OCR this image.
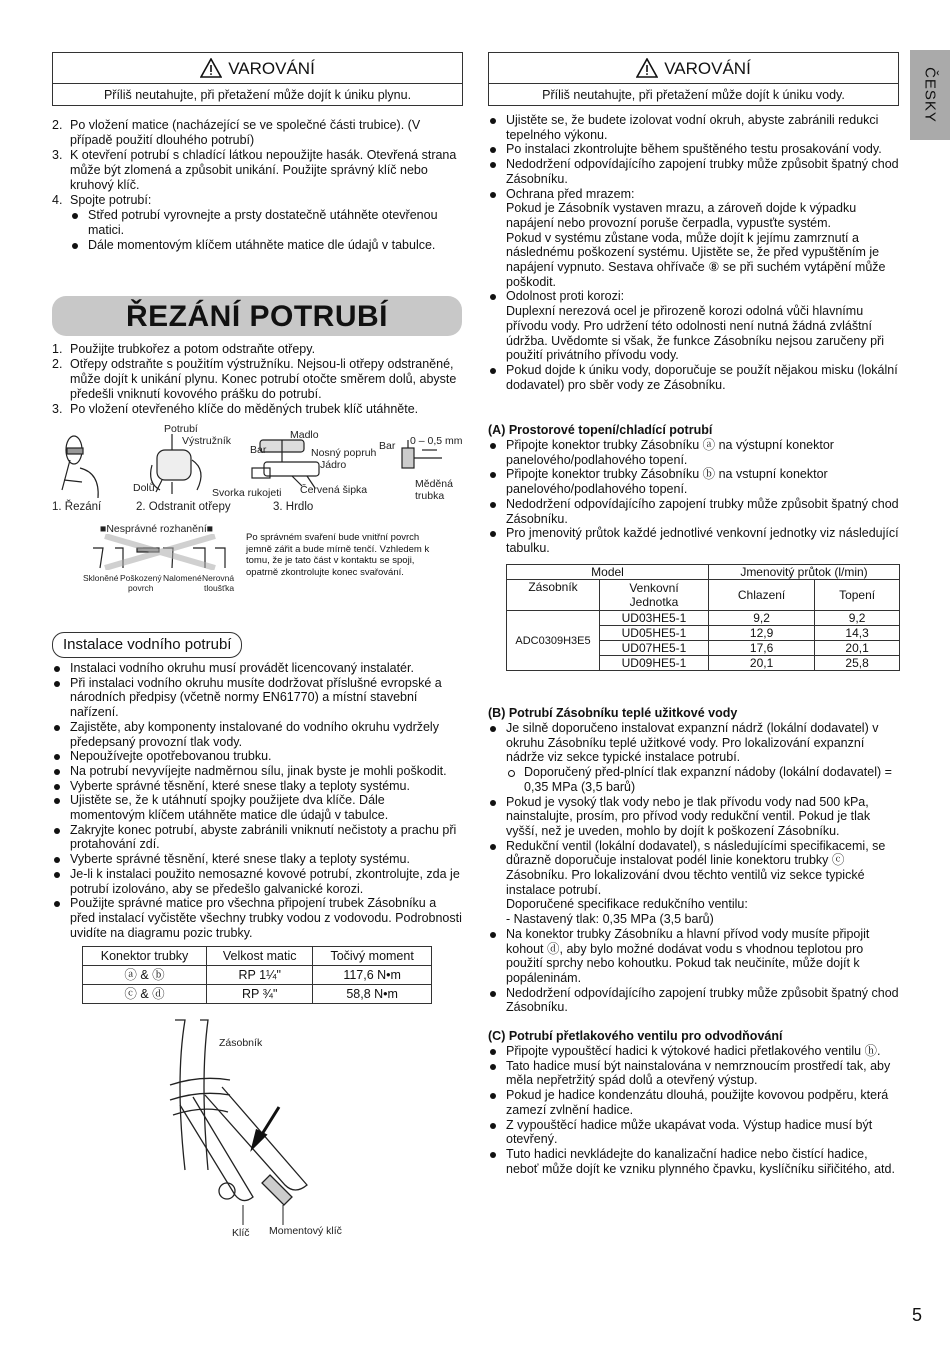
ČESKY
VAROVÁNÍ
Příliš neutahujte, při přetažení může dojít k úniku plynu.
2. Po vložení matice (nacházející se ve společné části trubice). (V případě použití dlouhého potrubí)
3. K otevření potrubí s chladící látkou nepoužijte hasák. Otevřená strana může být zlomená a způsobit unikání. Použijte správný klíč nebo kruhový klíč.
4. Spojte potrubí:
Střed potrubí vyrovnejte a prsty dostatečně utáhněte otevřenou matici.
Dále momentovým klíčem utáhněte matice dle údajů v tabulce.
ŘEZÁNÍ POTRUBÍ
1. Použijte trubkořez a potom odstraňte otřepy.
2. Otřepy odstraňte s použitím výstružníku. Nejsou-li otřepy odstraněné, může dojít k unikání plynu. Konec potrubí otočte směrem dolů, abyste předešli vniknutí kovového prášku do potrubí.
3. Po vložení otevřeného klíče do měděných trubek klíč utáhněte.
Potrubí
Výstružník	Madlo
Bar	Nosný popruh
Jádro
Bar 0 – 0,5 mm
Dolů	Svorka rukojeti Červená šipka	Měděná
trubka
1. Řezání	2. Odstranit otřepy	3. Hrdlo
■Nesprávné rozhanění■
Skloněné Poškozený
povrch
Nalomené Nerovná
tloušťka
Po správném svaření bude vnitřní povrch jemně zářit a bude mírně tenčí. Vzhledem k tomu, že je tato část v kontaktu se spoji, opatrně zkontrolujte konec svařování.
Instalace vodního potrubí
Instalaci vodního okruhu musí provádět licencovaný instalatér.
Při instalaci vodního okruhu musíte dodržovat příslušné evropské a národních předpisy (včetně normy EN61770) a místní stavební nařízení.
Zajistěte, aby komponenty instalované do vodního okruhu vydržely předepsaný provozní tlak vody.
Nepoužívejte opotřebovanou trubku.
Na potrubí nevyvíjejte nadměrnou sílu, jinak byste je mohli poškodit.
Vyberte správné těsnění, které snese tlaky a teploty systému.
Ujistěte se, že k utáhnutí spojky použijete dva klíče. Dále momentovým klíčem utáhněte matice dle údajů v tabulce.
Zakryjte konec potrubí, abyste zabránili vniknutí nečistoty a prachu při protahování zdí.
Vyberte správné těsnění, které snese tlaky a teploty systému.
Je-li k instalaci použito nemosazné kovové potrubí, zkontrolujte, zda je potrubí izolováno, aby se předešlo galvanické korozi.
Použijte správné matice pro všechna připojení trubek Zásobníku a před instalací vyčistěte všechny trubky vodou z vodovodu. Podrobnosti uvidíte na diagramu pozic trubky.
Konektor trubky	Velkost matic	Točivý moment
ⓐ & ⓑ	RP 1¼"	117,6 N•m
ⓒ & ⓓ	RP ¾"	58,8 N•m
Zásobník
Klíč Momentový klíč
VAROVÁNÍ
Příliš neutahujte, při přetažení může dojít k úniku vody.
Ujistěte se, že budete izolovat vodní okruh, abyste zabránili redukci tepelného výkonu.
Po instalaci zkontrolujte během spuštěného testu prosakování vody.
Nedodržení odpovídajícího zapojení trubky může způsobit špatný chod Zásobníku.
Ochrana před mrazem:
Pokud je Zásobník vystaven mrazu, a zároveň dojde k výpadku napájení nebo provozní poruše čerpadla, vypusťte systém.
Pokud v systému zůstane voda, může dojít k jejímu zamrznutí a následnému poškození systému. Ujistěte se, že před vypuštěním je napájení vypnuto. Sestava ohřívače ⑧ se při suchém vytápění může poškodit.
Odolnost proti korozi:
Duplexní nerezová ocel je přirozeně korozi odolná vůči hlavnímu přívodu vody. Pro udržení této odolnosti není nutná žádná zvláštní údržba. Uvědomte si však, že funkce Zásobníku nejsou zaručeny při použití privátního přívodu vody.
Pokud dojde k úniku vody, doporučuje se použít nějakou misku (lokální dodavatel) pro sběr vody ze Zásobníku.
(A) Prostorové topení/chladící potrubí
Připojte konektor trubky Zásobníku ⓐ na výstupní konektor panelového/podlahového topení.
Připojte konektor trubky Zásobníku ⓑ na vstupní konektor panelového/podlahového topení.
Nedodržení odpovídajícího zapojení trubky může způsobit špatný chod Zásobníku.
Pro jmenovitý průtok každé jednotlivé venkovní jednotky viz následující tabulku.
Model		Jmenovitý průtok (l/min)	
Zásobník	Venkovní Jednotka	Chlazení	Topení
ADC0309H3E5	UD03HE5-1	9,2	9,2
	UD05HE5-1	12,9	14,3
	UD07HE5-1	17,6	20,1
	UD09HE5-1	20,1	25,8
(B) Potrubí Zásobníku teplé užitkové vody
Je silně doporučeno instalovat expanzní nádrž (lokální dodavatel) v okruhu Zásobníku teplé užitkové vody. Pro lokalizování expanzní nádrže viz sekce typické instalace potrubí.
Doporučený před-plnící tlak expanzní nádoby (lokální dodavatel) = 0,35 MPa (3,5 barů)
Pokud je vysoký tlak vody nebo je tlak přívodu vody nad 500 kPa, nainstalujte, prosím, pro přívod vody redukční ventil. Pokud je tlak vyšší, než je uveden, mohlo by dojít k poškození Zásobníku.
Redukční ventil (lokální dodavatel), s následujícími specifikacemi, se důrazně doporučuje instalovat podél linie konektoru trubky ⓒ Zásobníku. Pro lokalizování dvou těchto ventilů viz sekce typické instalace potrubí.
Doporučené specifikace redukčního ventilu:
- Nastavený tlak: 0,35 MPa (3,5 barů)
Na konektor trubky Zásobníku a hlavní přívod vody musíte připojit kohout ⓓ, aby bylo možné dodávat vodu s vhodnou teplotou pro použití sprchy nebo kohoutku. Pokud tak neučiníte, může dojít k popáleninám.
Nedodržení odpovídajícího zapojení trubky může způsobit špatný chod Zásobníku.
(C) Potrubí přetlakového ventilu pro odvodňování
Připojte vypouštěcí hadici k výtokové hadici přetlakového ventilu ⓗ.
Tato hadice musí být nainstalována v nemrznoucím prostředí tak, aby měla nepřetržitý spád dolů a otevřený výstup.
Pokud je hadice kondenzátu dlouhá, použijte kovovou podpěru, která zamezí zvlnění hadice.
Z vypouštěcí hadice může ukapávat voda. Výstup hadice musí být otevřený.
Tuto hadici nevkládejte do kanalizační hadice nebo čistící hadice, neboť může dojít ke vzniku plynného čpavku, kyslíčníku siřičitého, atd.
5
